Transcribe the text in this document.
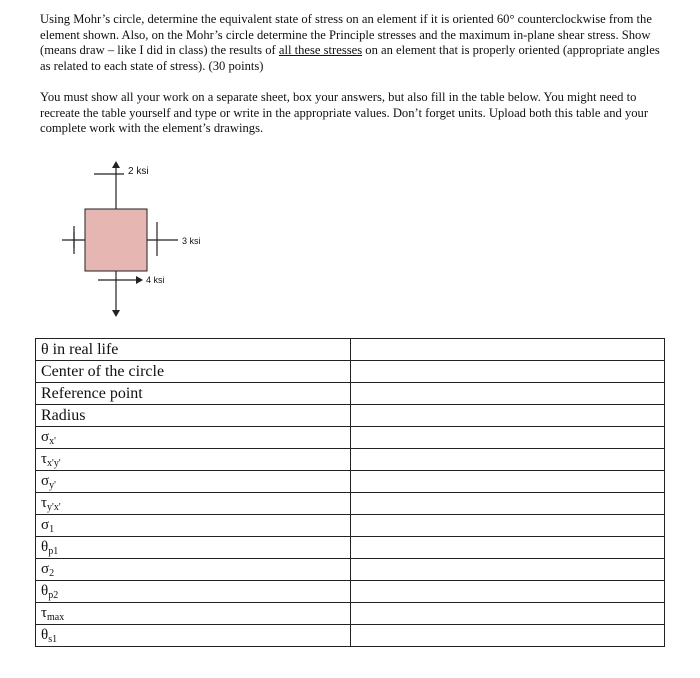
Using Mohr’s circle, determine the equivalent state of stress on an element if it is oriented 60° counterclockwise from the element shown. Also, on the Mohr’s circle determine the Principle stresses and the maximum in-plane shear stress. Show (means draw – like I did in class) the results of all these stresses on an element that is properly oriented (appropriate angles as related to each state of stress). (30 points)
You must show all your work on a separate sheet, box your answers, but also fill in the table below. You might need to recreate the table yourself and type or write in the appropriate values. Don’t forget units. Upload both this table and your complete work with the element’s drawings.
2 ksi
3 ksi
4 ksi
θ in real life	
Center of the circle	
Reference point	
Radius	
$\sigma_{x'}$	
$\tau_{x'y'}$	
$\sigma_{y'}$	
$\tau_{y'x'}$	
$\sigma_1$	
$\theta_{p1}$	
$\sigma_2$	
$\theta_{p2}$	
$\tau_{max}$	
$\theta_{s1}$	
